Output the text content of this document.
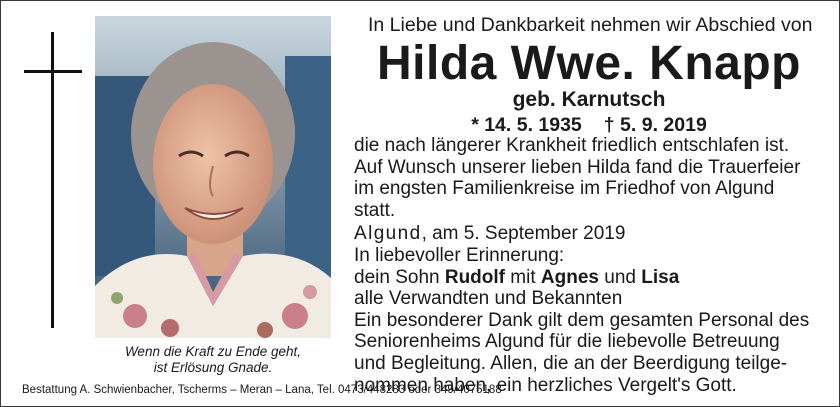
Wenn die Kraft zu Ende geht,
ist Erlösung Gnade.
Bestattung A. Schwienbacher, Tscherms – Meran – Lana, Tel. 0473/448283 oder 349/4075188
In Liebe und Dankbarkeit nehmen wir Abschied von
Hilda Wwe. Knapp
geb. Karnutsch
* 14. 5. 1935 † 5. 9. 2019
die nach längerer Krankheit friedlich entschlafen ist.
Auf Wunsch unserer lieben Hilda fand die Trauerfeier
im engsten Familienkreise im Friedhof von Algund
statt.
Algund, am 5. September 2019
In liebevoller Erinnerung:
dein Sohn Rudolf mit Agnes und Lisa
alle Verwandten und Bekannten
Ein besonderer Dank gilt dem gesamten Personal des
Seniorenheims Algund für die liebevolle Betreuung
und Begleitung. Allen, die an der Beerdigung teilge-
nommen haben, ein herzliches Vergelt's Gott.
